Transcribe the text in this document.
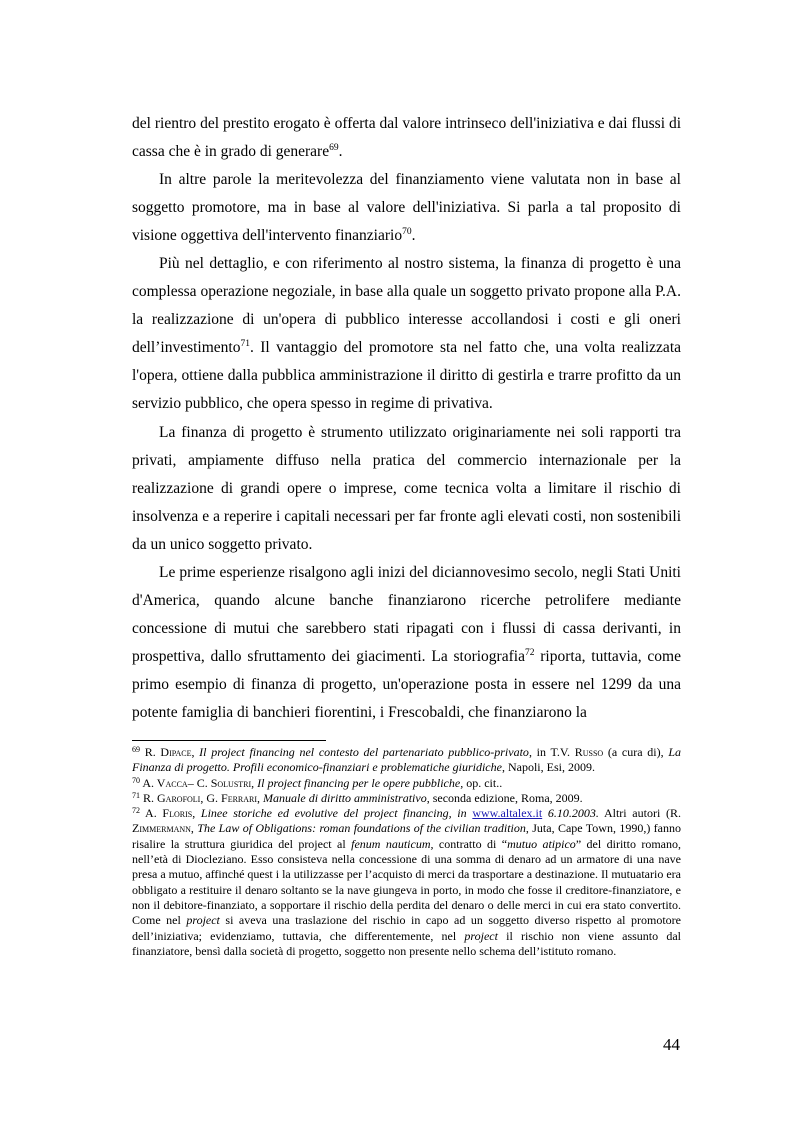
del rientro del prestito erogato è offerta dal valore intrinseco dell'iniziativa e dai flussi di cassa che è in grado di generare$^{69}$.

In altre parole la meritevolezza del finanziamento viene valutata non in base al soggetto promotore, ma in base al valore dell'iniziativa. Si parla a tal proposito di visione oggettiva dell'intervento finanziario$^{70}$.

Più nel dettaglio, e con riferimento al nostro sistema, la finanza di progetto è una complessa operazione negoziale, in base alla quale un soggetto privato propone alla P.A. la realizzazione di un'opera di pubblico interesse accollandosi i costi e gli oneri dell’investimento$^{71}$. Il vantaggio del promotore sta nel fatto che, una volta realizzata l'opera, ottiene dalla pubblica amministrazione il diritto di gestirla e trarre profitto da un servizio pubblico, che opera spesso in regime di privativa.

La finanza di progetto è strumento utilizzato originariamente nei soli rapporti tra privati, ampiamente diffuso nella pratica del commercio internazionale per la realizzazione di grandi opere o imprese, come tecnica volta a limitare il rischio di insolvenza e a reperire i capitali necessari per far fronte agli elevati costi, non sostenibili da un unico soggetto privato.

Le prime esperienze risalgono agli inizi del diciannovesimo secolo, negli Stati Uniti d'America, quando alcune banche finanziarono ricerche petrolifere mediante concessione di mutui che sarebbero stati ripagati con i flussi di cassa derivanti, in prospettiva, dallo sfruttamento dei giacimenti. La storiografia$^{72}$ riporta, tuttavia, come primo esempio di finanza di progetto, un'operazione posta in essere nel 1299 da una potente famiglia di banchieri fiorentini, i Frescobaldi, che finanziarono la

$^{69}$ R. Dipace, Il project financing nel contesto del partenariato pubblico-privato, in T.V. Russo (a cura di), La Finanza di progetto. Profili economico-finanziari e problematiche giuridiche, Napoli, Esi, 2009.

$^{70}$ A. Vacca– C. Solustri, Il project financing per le opere pubbliche, op. cit..

$^{71}$ R. Garofoli, G. Ferrari, Manuale di diritto amministrativo, seconda edizione, Roma, 2009.

$^{72}$ A. Floris, Linee storiche ed evolutive del project financing, in www.altalex.it 6.10.2003. Altri autori (R. Zimmermann, The Law of Obligations: roman foundations of the civilian tradition, Juta, Cape Town, 1990,) fanno risalire la struttura giuridica del project al fenum nauticum, contratto di “mutuo atipico” del diritto romano, nell’età di Diocleziano. Esso consisteva nella concessione di una somma di denaro ad un armatore di una nave presa a mutuo, affinché quest i la utilizzasse per l’acquisto di merci da trasportare a destinazione. Il mutuatario era obbligato a restituire il denaro soltanto se la nave giungeva in porto, in modo che fosse il creditore-finanziatore, e non il debitore-finanziato, a sopportare il rischio della perdita del denaro o delle merci in cui era stato convertito. Come nel project si aveva una traslazione del rischio in capo ad un soggetto diverso rispetto al promotore dell’iniziativa; evidenziamo, tuttavia, che differentemente, nel project il rischio non viene assunto dal finanziatore, bensì dalla società di progetto, soggetto non presente nello schema dell’istituto romano.

44
